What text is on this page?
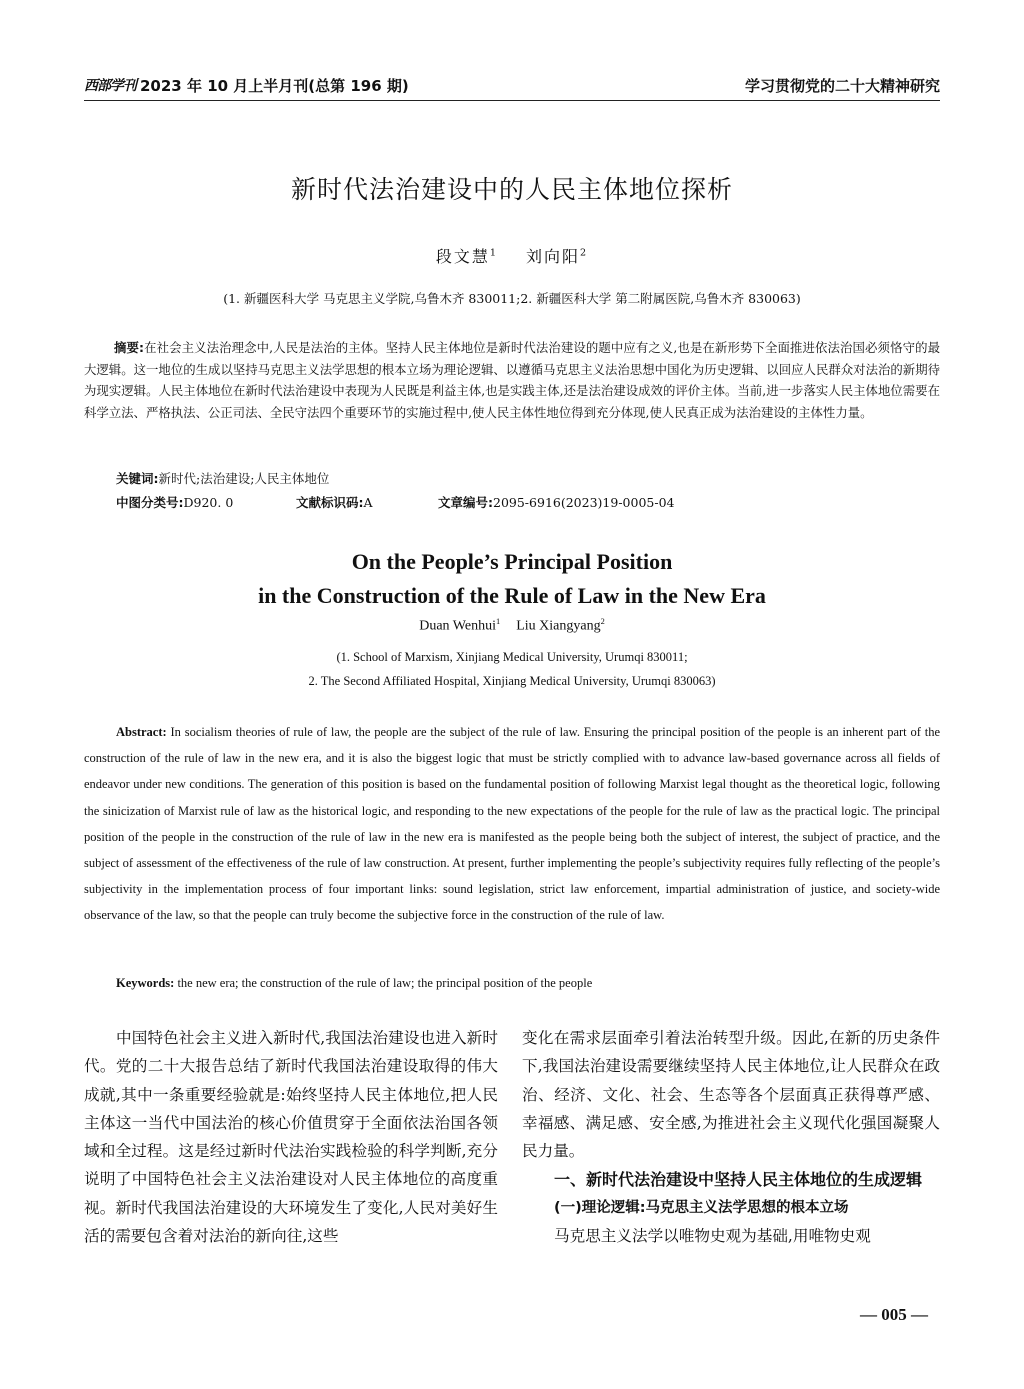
西部学刊 2023 年 10 月上半月刊(总第 196 期)	学习贯彻党的二十大精神研究
新时代法治建设中的人民主体地位探析
段文慧$^1$ 刘向阳$^2$
(1. 新疆医科大学 马克思主义学院,乌鲁木齐 830011;2. 新疆医科大学 第二附属医院,乌鲁木齐 830063)
摘要:在社会主义法治理念中,人民是法治的主体。坚持人民主体地位是新时代法治建设的题中应有之义,也是在新形势下全面推进依法治国必须恪守的最大逻辑。这一地位的生成以坚持马克思主义法学思想的根本立场为理论逻辑、以遵循马克思主义法治思想中国化为历史逻辑、以回应人民群众对法治的新期待为现实逻辑。人民主体地位在新时代法治建设中表现为人民既是利益主体,也是实践主体,还是法治建设成效的评价主体。当前,进一步落实人民主体地位需要在科学立法、严格执法、公正司法、全民守法四个重要环节的实施过程中,使人民主体性地位得到充分体现,使人民真正成为法治建设的主体性力量。
关键词:新时代;法治建设;人民主体地位
中图分类号:D920. 0	文献标识码:A	文章编号:2095-6916(2023)19-0005-04
On the People’s Principal Position
in the Construction of the Rule of Law in the New Era
Duan Wenhui$^1$ Liu Xiangyang$^2$
(1. School of Marxism, Xinjiang Medical University, Urumqi 830011;
2. The Second Affiliated Hospital, Xinjiang Medical University, Urumqi 830063)
Abstract: In socialism theories of rule of law, the people are the subject of the rule of law. Ensuring the principal position of the people is an inherent part of the construction of the rule of law in the new era, and it is also the biggest logic that must be strictly complied with to advance law-based governance across all fields of endeavor under new conditions. The generation of this position is based on the fundamental position of following Marxist legal thought as the theoretical logic, following the sinicization of Marxist rule of law as the historical logic, and responding to the new expectations of the people for the rule of law as the practical logic. The principal position of the people in the construction of the rule of law in the new era is manifested as the people being both the subject of interest, the subject of practice, and the subject of assessment of the effectiveness of the rule of law construction. At present, further implementing the people’s subjectivity requires fully reflecting of the people’s subjectivity in the implementation process of four important links: sound legislation, strict law enforcement, impartial administration of justice, and society-wide observance of the law, so that the people can truly become the subjective force in the construction of the rule of law.
Keywords: the new era; the construction of the rule of law; the principal position of the people

中国特色社会主义进入新时代,我国法治建设也进入新时代。党的二十大报告总结了新时代我国法治建设取得的伟大成就,其中一条重要经验就是:始终坚持人民主体地位,把人民主体这一当代中国法治的核心价值贯穿于全面依法治国各领域和全过程。这是经过新时代法治实践检验的科学判断,充分说明了中国特色社会主义法治建设对人民主体地位的高度重视。新时代我国法治建设的大环境发生了变化,人民对美好生活的需要包含着对法治的新向往,这些

变化在需求层面牵引着法治转型升级。因此,在新的历史条件下,我国法治建设需要继续坚持人民主体地位,让人民群众在政治、经济、文化、社会、生态等各个层面真正获得尊严感、幸福感、满足感、安全感,为推进社会主义现代化强国凝聚人民力量。

一、新时代法治建设中坚持人民主体地位的生成逻辑

(一)理论逻辑:马克思主义法学思想的根本立场

马克思主义法学以唯物史观为基础,用唯物史观

— 005 —
